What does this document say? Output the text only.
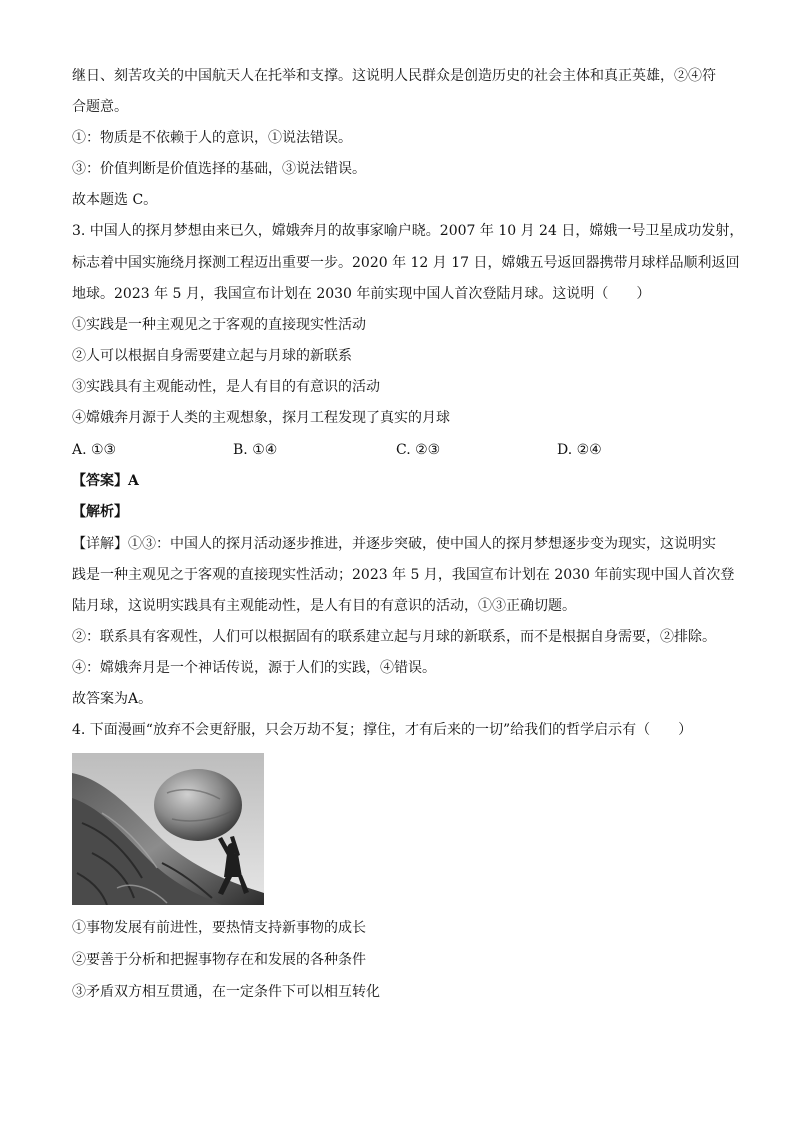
继日、刻苦攻关的中国航天人在托举和支撑。这说明人民群众是创造历史的社会主体和真正英雄，②④符
合题意。
①：物质是不依赖于人的意识，①说法错误。
③：价值判断是价值选择的基础，③说法错误。
故本题选 C。
3. 中国人的探月梦想由来已久，嫦娥奔月的故事家喻户晓。2007 年 10 月 24 日，嫦娥一号卫星成功发射，
标志着中国实施绕月探测工程迈出重要一步。2020 年 12 月 17 日，嫦娥五号返回器携带月球样品顺利返回
地球。2023 年 5 月，我国宣布计划在 2030 年前实现中国人首次登陆月球。这说明（　　）
①实践是一种主观见之于客观的直接现实性活动
②人可以根据自身需要建立起与月球的新联系
③实践具有主观能动性，是人有目的有意识的活动
④嫦娥奔月源于人类的主观想象，探月工程发现了真实的月球
A. ①③	B. ①④	C. ②③	D. ②④
【答案】A
【解析】
【详解】①③：中国人的探月活动逐步推进，并逐步突破，使中国人的探月梦想逐步变为现实，这说明实
践是一种主观见之于客观的直接现实性活动；2023 年 5 月，我国宣布计划在 2030 年前实现中国人首次登
陆月球，这说明实践具有主观能动性，是人有目的有意识的活动，①③正确切题。
②：联系具有客观性，人们可以根据固有的联系建立起与月球的新联系，而不是根据自身需要，②排除。
④：嫦娥奔月是一个神话传说，源于人们的实践，④错误。
故答案为A。
4. 下面漫画“放弃不会更舒服，只会万劫不复；撑住，才有后来的一切”给我们的哲学启示有（　　）
①事物发展有前进性，要热情支持新事物的成长
②要善于分析和把握事物存在和发展的各种条件
③矛盾双方相互贯通，在一定条件下可以相互转化
